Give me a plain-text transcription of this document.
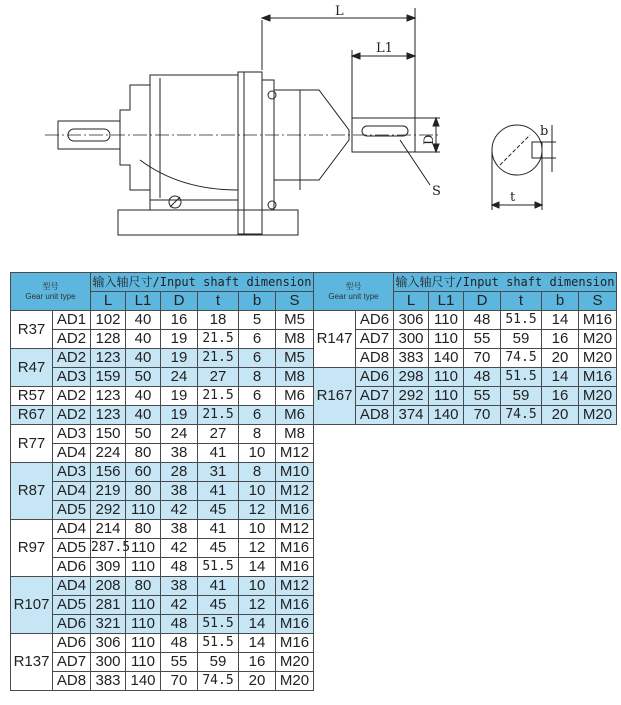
L
L1
D
S	t
b
型号
Gear unit type		输入轴尺寸/Input shaft dimension					
		L	L1	D	t	b	S
R37	AD1	102	40	16	18	5	M5
	AD2	128	40	19	21.5	6	M8
R47	AD2	123	40	19	21.5	6	M5
	AD3	159	50	24	27	8	M8
R57	AD2	123	40	19	21.5	6	M6
R67	AD2	123	40	19	21.5	6	M6
R77	AD3	150	50	24	27	8	M8
	AD4	224	80	38	41	10	M12
R87	AD3	156	60	28	31	8	M10
	AD4	219	80	38	41	10	M12
	AD5	292	110	42	45	12	M16
R97	AD4	214	80	38	41	10	M12
	AD5	287.5	110	42	45	12	M16
	AD6	309	110	48	51.5	14	M16
R107	AD4	208	80	38	41	10	M12
	AD5	281	110	42	45	12	M16
	AD6	321	110	48	51.5	14	M16
R137	AD6	306	110	48	51.5	14	M16
	AD7	300	110	55	59	16	M20
	AD8	383	140	70	74.5	20	M20
型号
Gear unit type		输入轴尺寸/Input shaft dimension					
		L	L1	D	t	b	S
R147	AD6	306	110	48	51.5	14	M16
	AD7	300	110	55	59	16	M20
	AD8	383	140	70	74.5	20	M20
R167	AD6	298	110	48	51.5	14	M16
	AD7	292	110	55	59	16	M20
	AD8	374	140	70	74.5	20	M20
